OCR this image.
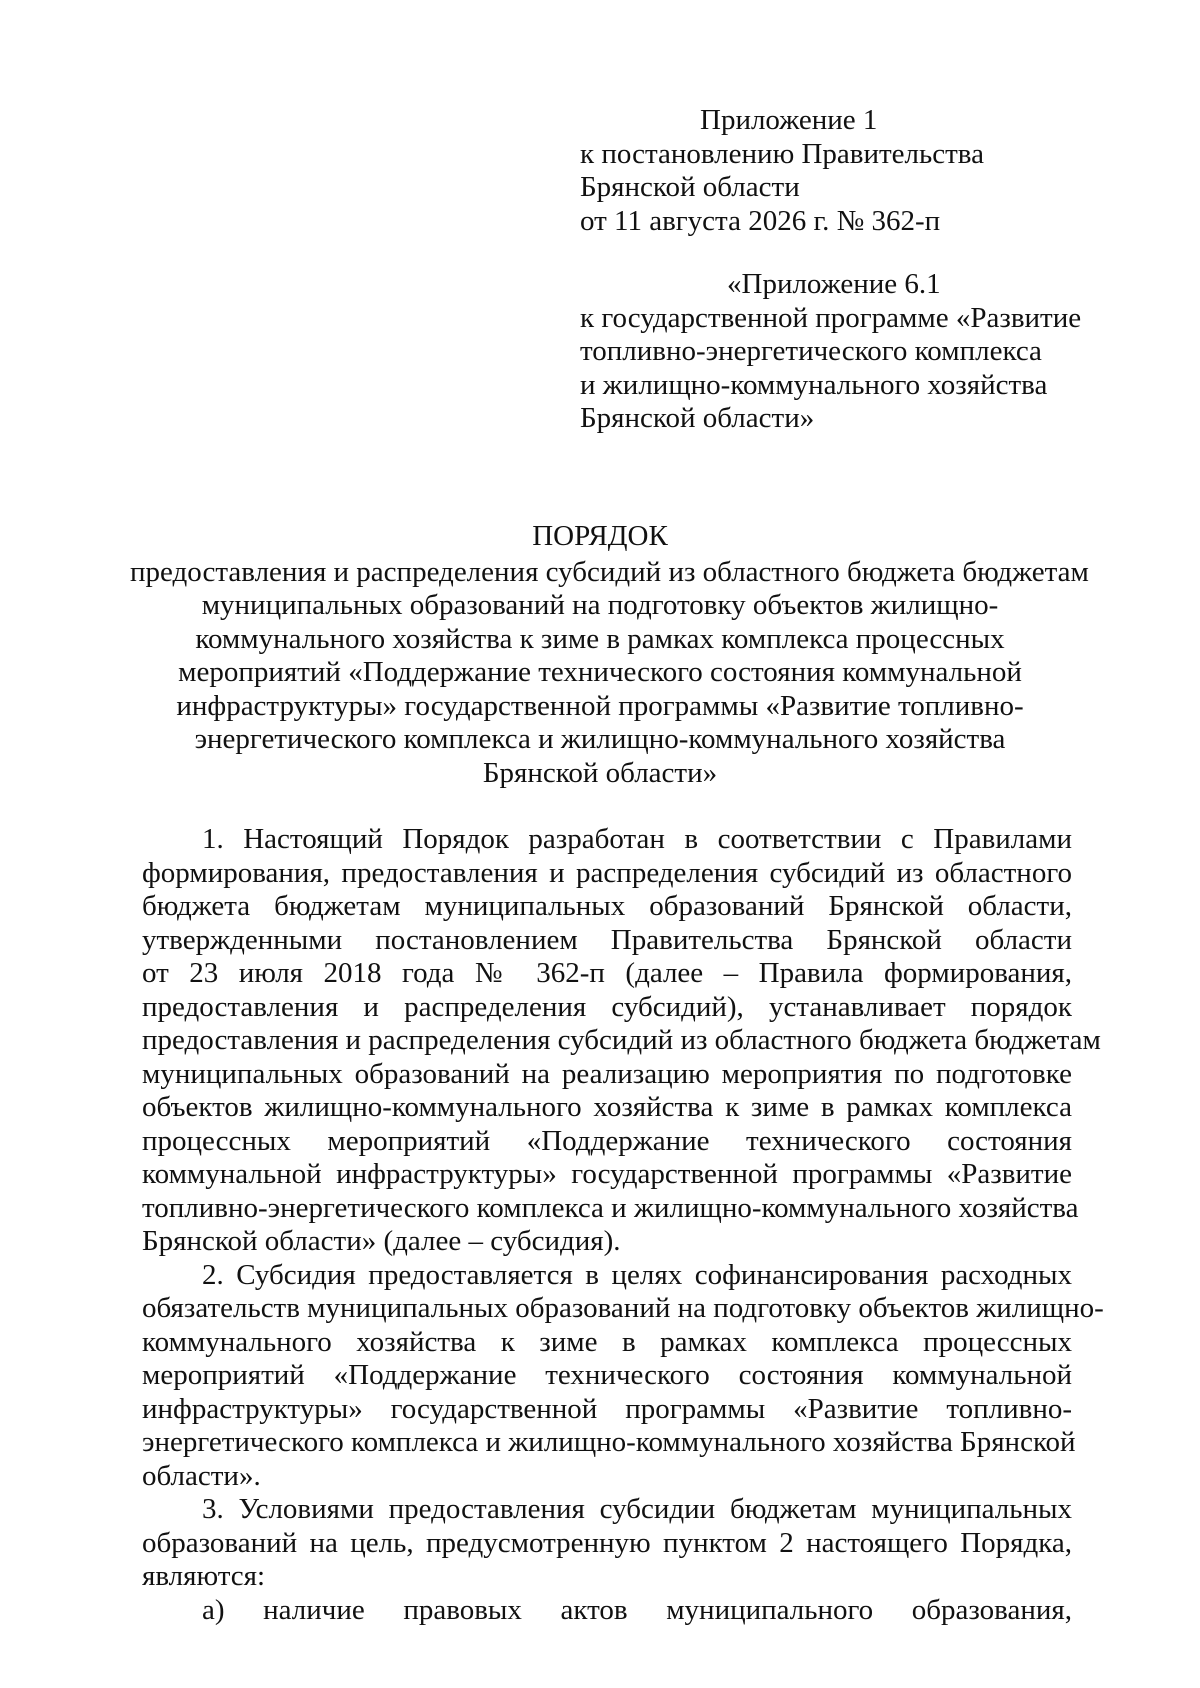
Приложение 1
к постановлению Правительства
Брянской области
от 11 августа 2026 г. № 362-п
«Приложение 6.1
к государственной программе «Развитие
топливно-энергетического комплекса
и жилищно-коммунального хозяйства
Брянской области»
ПОРЯДОК
предоставления и распределения субсидий из областного бюджета бюджетам
муниципальных образований на подготовку объектов жилищно-
коммунального хозяйства к зиме в рамках комплекса процессных
мероприятий «Поддержание технического состояния коммунальной
инфраструктуры» государственной программы «Развитие топливно-
энергетического комплекса и жилищно-коммунального хозяйства
Брянской области»
1. Настоящий Порядок разработан в соответствии с Правилами
формирования, предоставления и распределения субсидий из областного
бюджета бюджетам муниципальных образований Брянской области,
утвержденными постановлением Правительства Брянской области
от 23 июля 2018 года № 362-п (далее – Правила формирования,
предоставления и распределения субсидий), устанавливает порядок
предоставления и распределения субсидий из областного бюджета бюджетам
муниципальных образований на реализацию мероприятия по подготовке
объектов жилищно-коммунального хозяйства к зиме в рамках комплекса
процессных мероприятий «Поддержание технического состояния
коммунальной инфраструктуры» государственной программы «Развитие
топливно-энергетического комплекса и жилищно-коммунального хозяйства
Брянской области» (далее – субсидия).
2. Субсидия предоставляется в целях софинансирования расходных
обязательств муниципальных образований на подготовку объектов жилищно-
коммунального хозяйства к зиме в рамках комплекса процессных
мероприятий «Поддержание технического состояния коммунальной
инфраструктуры» государственной программы «Развитие топливно-
энергетического комплекса и жилищно-коммунального хозяйства Брянской
области».
3. Условиями предоставления субсидии бюджетам муниципальных
образований на цель, предусмотренную пунктом 2 настоящего Порядка,
являются:
а) наличие правовых актов муниципального образования,
